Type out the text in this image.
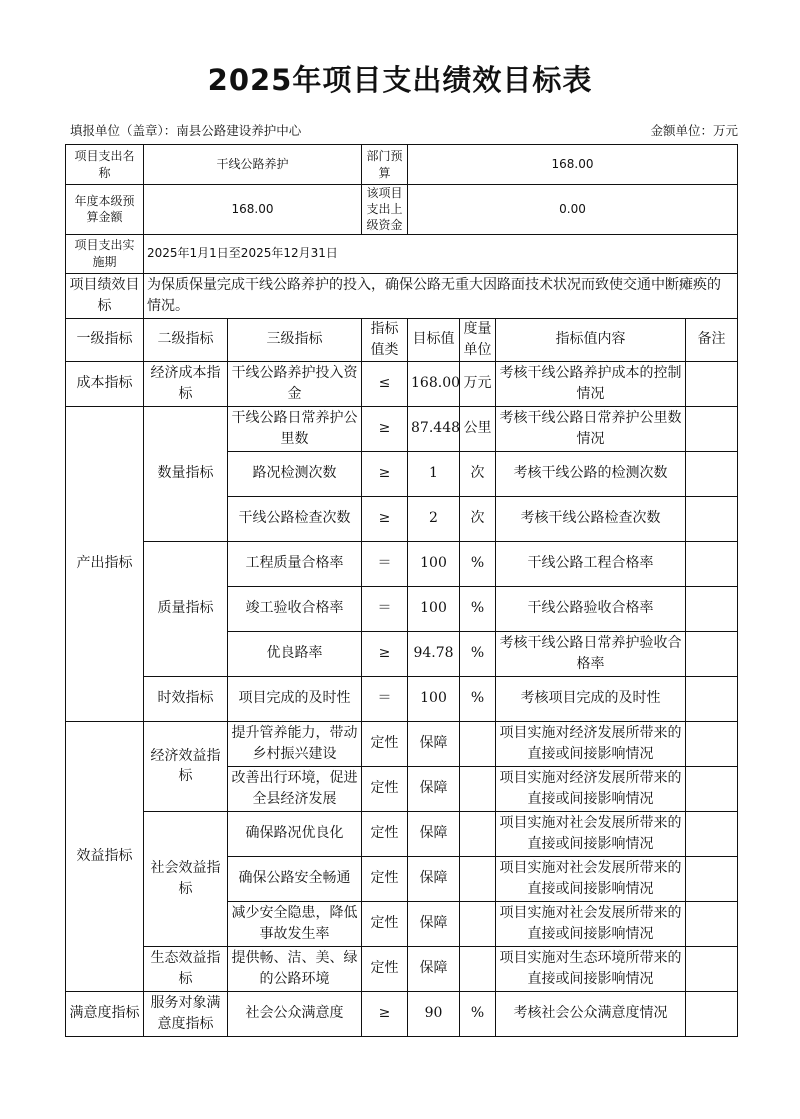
2025年项目支出绩效目标表
填报单位（盖章）：南县公路建设养护中心	金额单位：万元
项目支出名称	干线公路养护		部门预算	168.00			
年度本级预算金额	168.00		该项目支出上级资金	0.00			
项目支出实施期	2025年1月1日至2025年12月31日						
项目绩效目标	为保质保量完成干线公路养护的投入，确保公路无重大因路面技术状况而致使交通中断瘫痪的情况。						
一级指标	二级指标	三级指标	指标值类	目标值	度量单位	指标值内容	备注
成本指标	经济成本指标	干线公路养护投入资金	≤	168.00	万元	考核干线公路养护成本的控制情况	
产出指标	数量指标	干线公路日常养护公里数	≥	87.448	公里	考核干线公路日常养护公里数情况	
		路况检测次数	≥	1	次	考核干线公路的检测次数	
		干线公路检查次数	≥	2	次	考核干线公路检查次数	
	质量指标	工程质量合格率	＝	100	%	干线公路工程合格率	
		竣工验收合格率	＝	100	%	干线公路验收合格率	
		优良路率	≥	94.78	%	考核干线公路日常养护验收合格率	
	时效指标	项目完成的及时性	＝	100	%	考核项目完成的及时性	
效益指标	经济效益指标	提升管养能力，带动乡村振兴建设	定性	保障		项目实施对经济发展所带来的直接或间接影响情况	
		改善出行环境，促进全县经济发展	定性	保障		项目实施对经济发展所带来的直接或间接影响情况	
	社会效益指标	确保路况优良化	定性	保障		项目实施对社会发展所带来的直接或间接影响情况	
		确保公路安全畅通	定性	保障		项目实施对社会发展所带来的直接或间接影响情况	
		减少安全隐患，降低事故发生率	定性	保障		项目实施对社会发展所带来的直接或间接影响情况	
	生态效益指标	提供畅、洁、美、绿的公路环境	定性	保障		项目实施对生态环境所带来的直接或间接影响情况	
满意度指标	服务对象满意度指标	社会公众满意度	≥	90	%	考核社会公众满意度情况	
